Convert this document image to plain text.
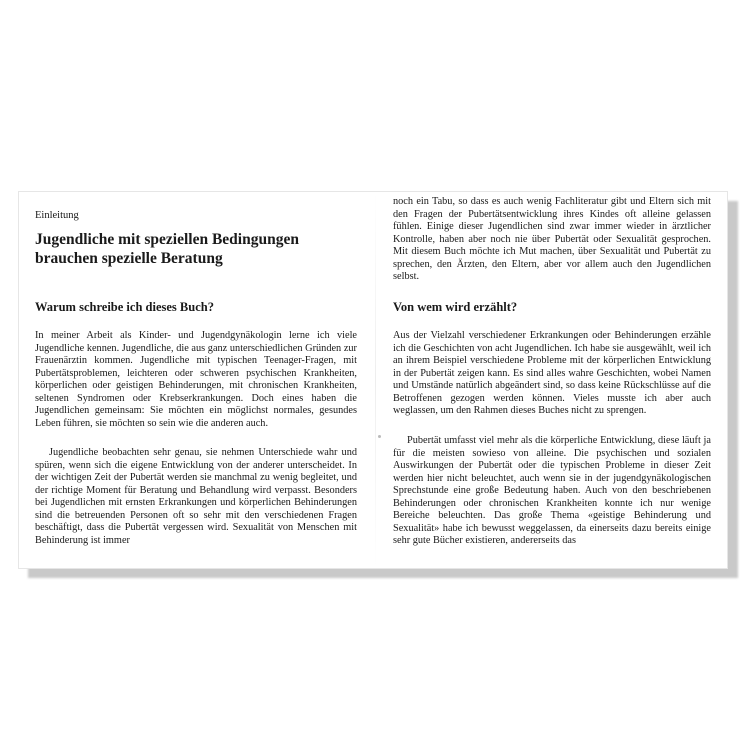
Einleitung
Jugendliche mit speziellen Bedingungen
brauchen spezielle Beratung
Warum schreibe ich dieses Buch?

In meiner Arbeit als Kinder- und Jugendgynäkologin lerne ich viele Jugendliche kennen. Jugendliche, die aus ganz unterschiedlichen Gründen zur Frauenärztin kommen. Jugendliche mit typischen Teenager-Fragen, mit Pubertätsproblemen, leichteren oder schweren psychischen Krankheiten, körperlichen oder geistigen Behinderungen, mit chronischen Krankheiten, seltenen Syndromen oder Krebserkrankungen. Doch eines haben die Jugendlichen gemeinsam: Sie möchten ein möglichst normales, gesundes Leben führen, sie möchten so sein wie die anderen auch.

Jugendliche beobachten sehr genau, sie nehmen Unterschiede wahr und spüren, wenn sich die eigene Entwicklung von der anderer unterscheidet. In der wichtigen Zeit der Pubertät werden sie manchmal zu wenig begleitet, und der richtige Moment für Beratung und Behandlung wird verpasst. Besonders bei Jugendlichen mit ernsten Erkrankungen und körperlichen Behinderungen sind die betreuenden Personen oft so sehr mit den verschiedenen Fragen beschäftigt, dass die Pubertät vergessen wird. Sexualität von Menschen mit Behinderung ist immer

noch ein Tabu, so dass es auch wenig Fachliteratur gibt und Eltern sich mit den Fragen der Pubertätsentwicklung ihres Kindes oft alleine gelassen fühlen. Einige dieser Jugendlichen sind zwar immer wieder in ärztlicher Kontrolle, haben aber noch nie über Pubertät oder Sexualität gesprochen. Mit diesem Buch möchte ich Mut machen, über Sexualität und Pubertät zu sprechen, den Ärzten, den Eltern, aber vor allem auch den Jugendlichen selbst.

Von wem wird erzählt?

Aus der Vielzahl verschiedener Erkrankungen oder Behinderungen erzähle ich die Geschichten von acht Jugendlichen. Ich habe sie ausgewählt, weil ich an ihrem Beispiel verschiedene Probleme mit der körperlichen Entwicklung in der Pubertät zeigen kann. Es sind alles wahre Geschichten, wobei Namen und Umstände natürlich abgeändert sind, so dass keine Rückschlüsse auf die Betroffenen gezogen werden können. Vieles musste ich aber auch weglassen, um den Rahmen dieses Buches nicht zu sprengen.

Pubertät umfasst viel mehr als die körperliche Entwicklung, diese läuft ja für die meisten sowieso von alleine. Die psychischen und sozialen Auswirkungen der Pubertät oder die typischen Probleme in dieser Zeit werden hier nicht beleuchtet, auch wenn sie in der jugendgynäkologischen Sprechstunde eine große Bedeutung haben. Auch von den beschriebenen Behinderungen oder chronischen Krankheiten konnte ich nur wenige Bereiche beleuchten. Das große Thema «geistige Behinderung und Sexualität» habe ich bewusst weggelassen, da einerseits dazu bereits einige sehr gute Bücher existieren, andererseits das
